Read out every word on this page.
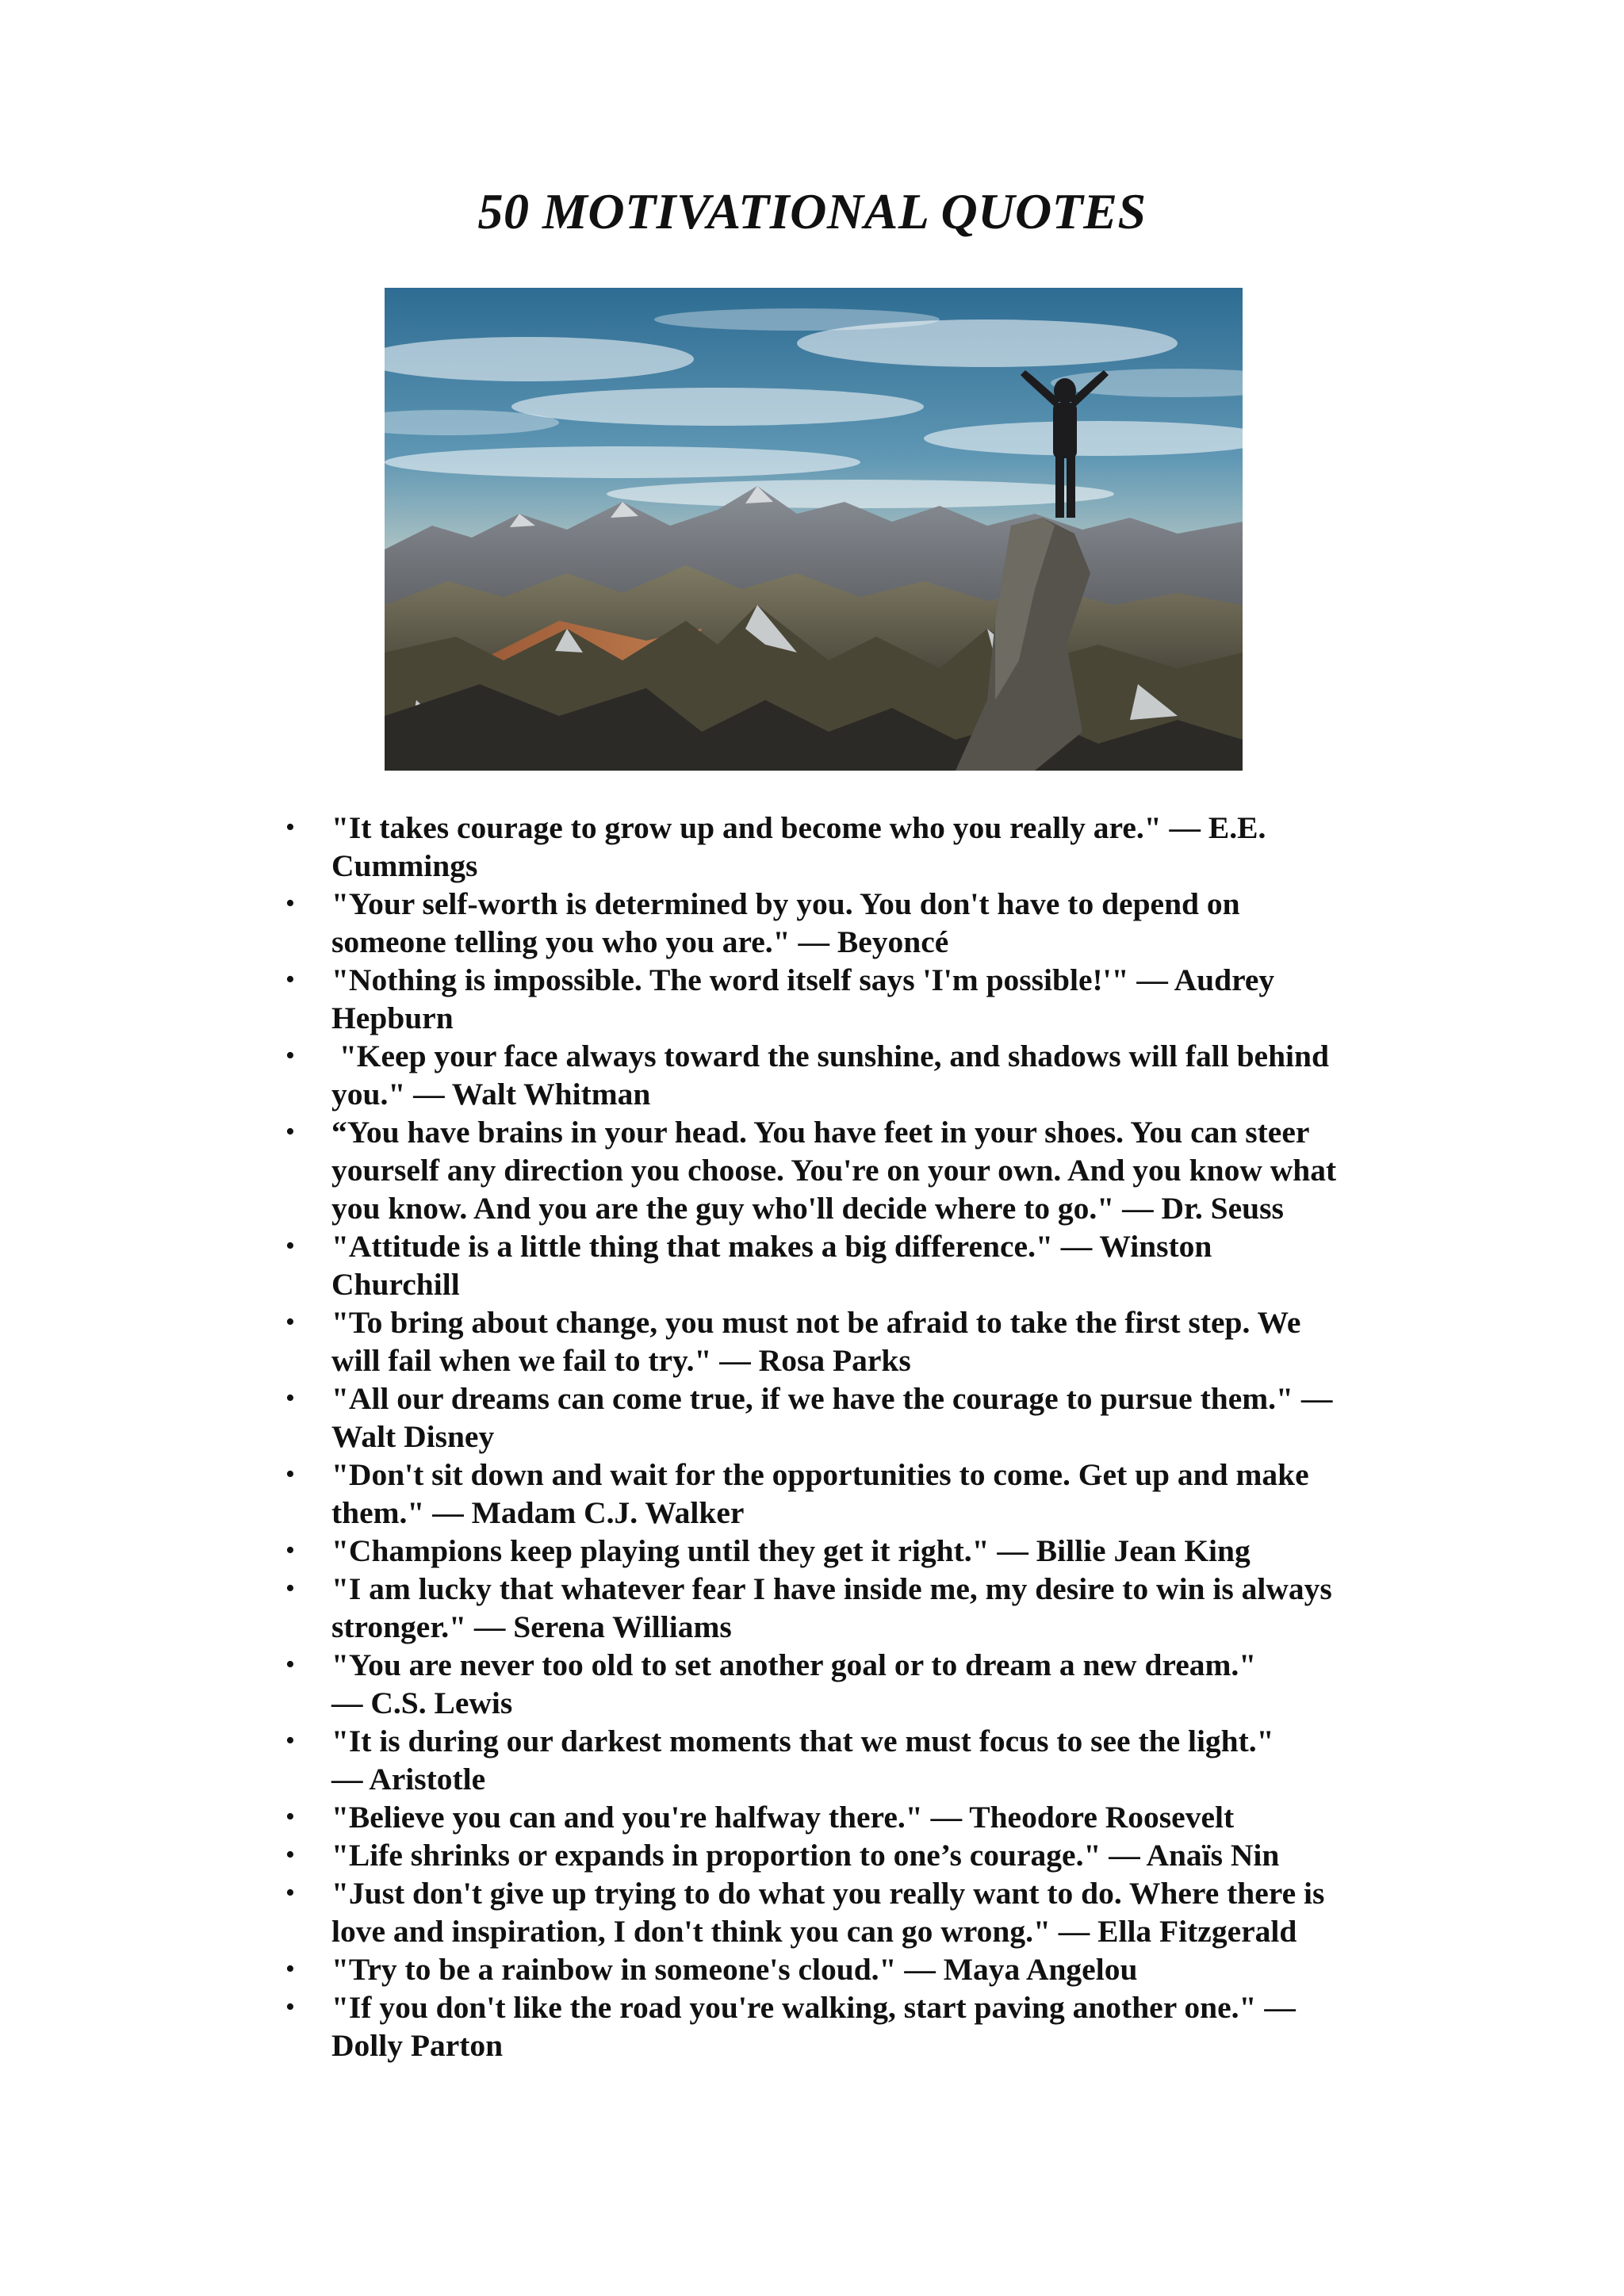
50 MOTIVATIONAL QUOTES
• "It takes courage to grow up and become who you really are." — E.E.
Cummings
• "Your self-worth is determined by you. You don't have to depend on
someone telling you who you are." — Beyoncé
• "Nothing is impossible. The word itself says 'I'm possible!'" — Audrey
Hepburn
• "Keep your face always toward the sunshine, and shadows will fall behind
you." — Walt Whitman
• “You have brains in your head. You have feet in your shoes. You can steer
yourself any direction you choose. You're on your own. And you know what
you know. And you are the guy who'll decide where to go." — Dr. Seuss
• "Attitude is a little thing that makes a big difference." — Winston
Churchill
• "To bring about change, you must not be afraid to take the first step. We
will fail when we fail to try." — Rosa Parks
• "All our dreams can come true, if we have the courage to pursue them." —
Walt Disney
• "Don't sit down and wait for the opportunities to come. Get up and make
them." — Madam C.J. Walker
• "Champions keep playing until they get it right." — Billie Jean King
• "I am lucky that whatever fear I have inside me, my desire to win is always
stronger." — Serena Williams
• "You are never too old to set another goal or to dream a new dream."
— C.S. Lewis
• "It is during our darkest moments that we must focus to see the light."
— Aristotle
• "Believe you can and you're halfway there." — Theodore Roosevelt
• "Life shrinks or expands in proportion to one’s courage." — Anaïs Nin
• "Just don't give up trying to do what you really want to do. Where there is
love and inspiration, I don't think you can go wrong." — Ella Fitzgerald
• "Try to be a rainbow in someone's cloud." — Maya Angelou
• "If you don't like the road you're walking, start paving another one." —
Dolly Parton
